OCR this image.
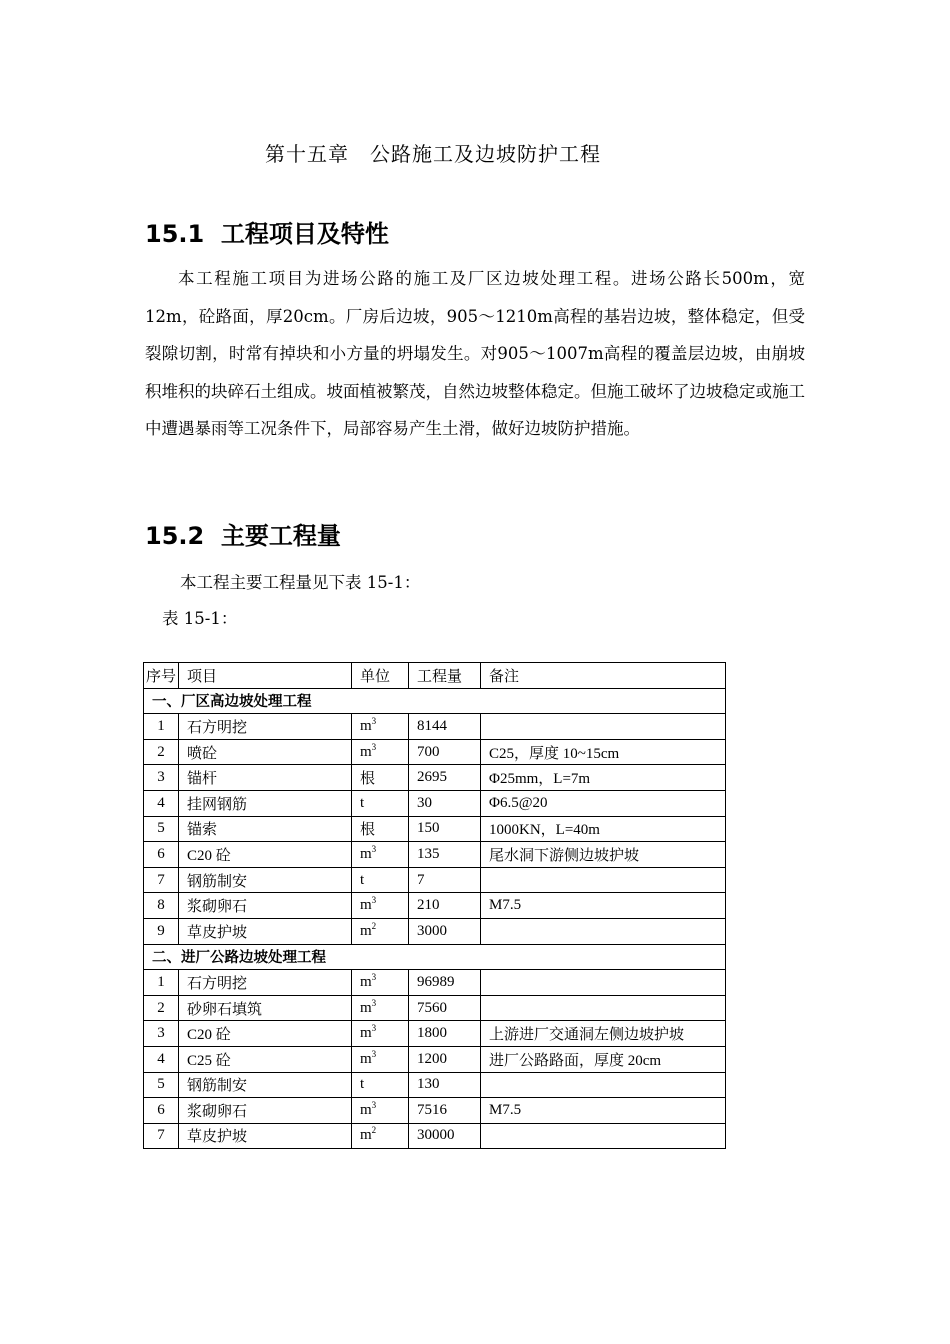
第十五章　公路施工及边坡防护工程
15.1  工程项目及特性

本工程施工项目为进场公路的施工及厂区边坡处理工程。进场公路长500m，宽12m，砼路面，厚20cm。厂房后边坡，905～1210m高程的基岩边坡，整体稳定，但受裂隙切割，时常有掉块和小方量的坍塌发生。对905～1007m高程的覆盖层边坡，由崩坡积堆积的块碎石土组成。坡面植被繁茂，自然边坡整体稳定。但施工破坏了边坡稳定或施工中遭遇暴雨等工况条件下，局部容易产生土滑，做好边坡防护措施。

15.2  主要工程量
本工程主要工程量见下表 15-1：
表 15-1：
序号	项目	单位	工程量	备注
一、厂区高边坡处理工程				
1	石方明挖	$m^3$	8144	
2	喷砼	$m^3$	700	C25，厚度 10~15cm
3	锚杆	根	2695	Φ25mm，L=7m
4	挂网钢筋	t	30	Φ6.5@20
5	锚索	根	150	1000KN，L=40m
6	C20 砼	$m^3$	135	尾水洞下游侧边坡护坡
7	钢筋制安	t	7	
8	浆砌卵石	$m^3$	210	M7.5
9	草皮护坡	$m^2$	3000	
二、进厂公路边坡处理工程				
1	石方明挖	$m^3$	96989	
2	砂卵石填筑	$m^3$	7560	
3	C20 砼	$m^3$	1800	上游进厂交通洞左侧边坡护坡
4	C25 砼	$m^3$	1200	进厂公路路面，厚度 20cm
5	钢筋制安	t	130	
6	浆砌卵石	$m^3$	7516	M7.5
7	草皮护坡	$m^2$	30000	
